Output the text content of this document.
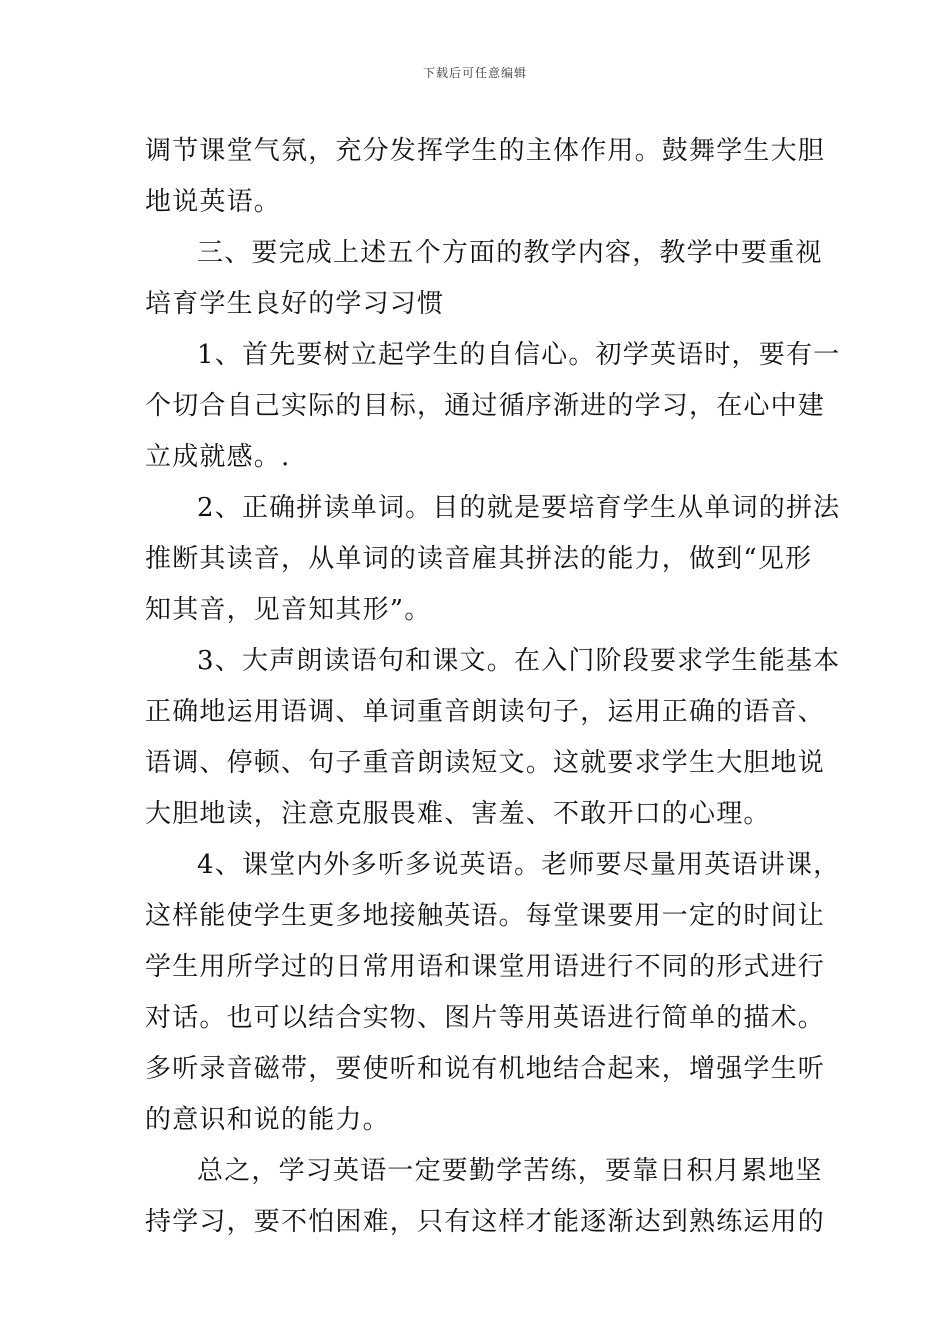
下载后可任意编辑
调节课堂气氛，充分发挥学生的主体作用。鼓舞学生大胆
地说英语。
三、要完成上述五个方面的教学内容，教学中要重视
培育学生良好的学习习惯
1、首先要树立起学生的自信心。初学英语时，要有一
个切合自己实际的目标，通过循序渐进的学习，在心中建
立成就感。.
2、正确拼读单词。目的就是要培育学生从单词的拼法
推断其读音，从单词的读音雇其拼法的能力，做到“见形
知其音，见音知其形”。
3、大声朗读语句和课文。在入门阶段要求学生能基本
正确地运用语调、单词重音朗读句子，运用正确的语音、
语调、停顿、句子重音朗读短文。这就要求学生大胆地说
大胆地读，注意克服畏难、害羞、不敢开口的心理。
4、课堂内外多听多说英语。老师要尽量用英语讲课，
这样能使学生更多地接触英语。每堂课要用一定的时间让
学生用所学过的日常用语和课堂用语进行不同的形式进行
对话。也可以结合实物、图片等用英语进行简单的描术。
多听录音磁带，要使听和说有机地结合起来，增强学生听
的意识和说的能力。
总之，学习英语一定要勤学苦练，要靠日积月累地坚
持学习，要不怕困难，只有这样才能逐渐达到熟练运用的
